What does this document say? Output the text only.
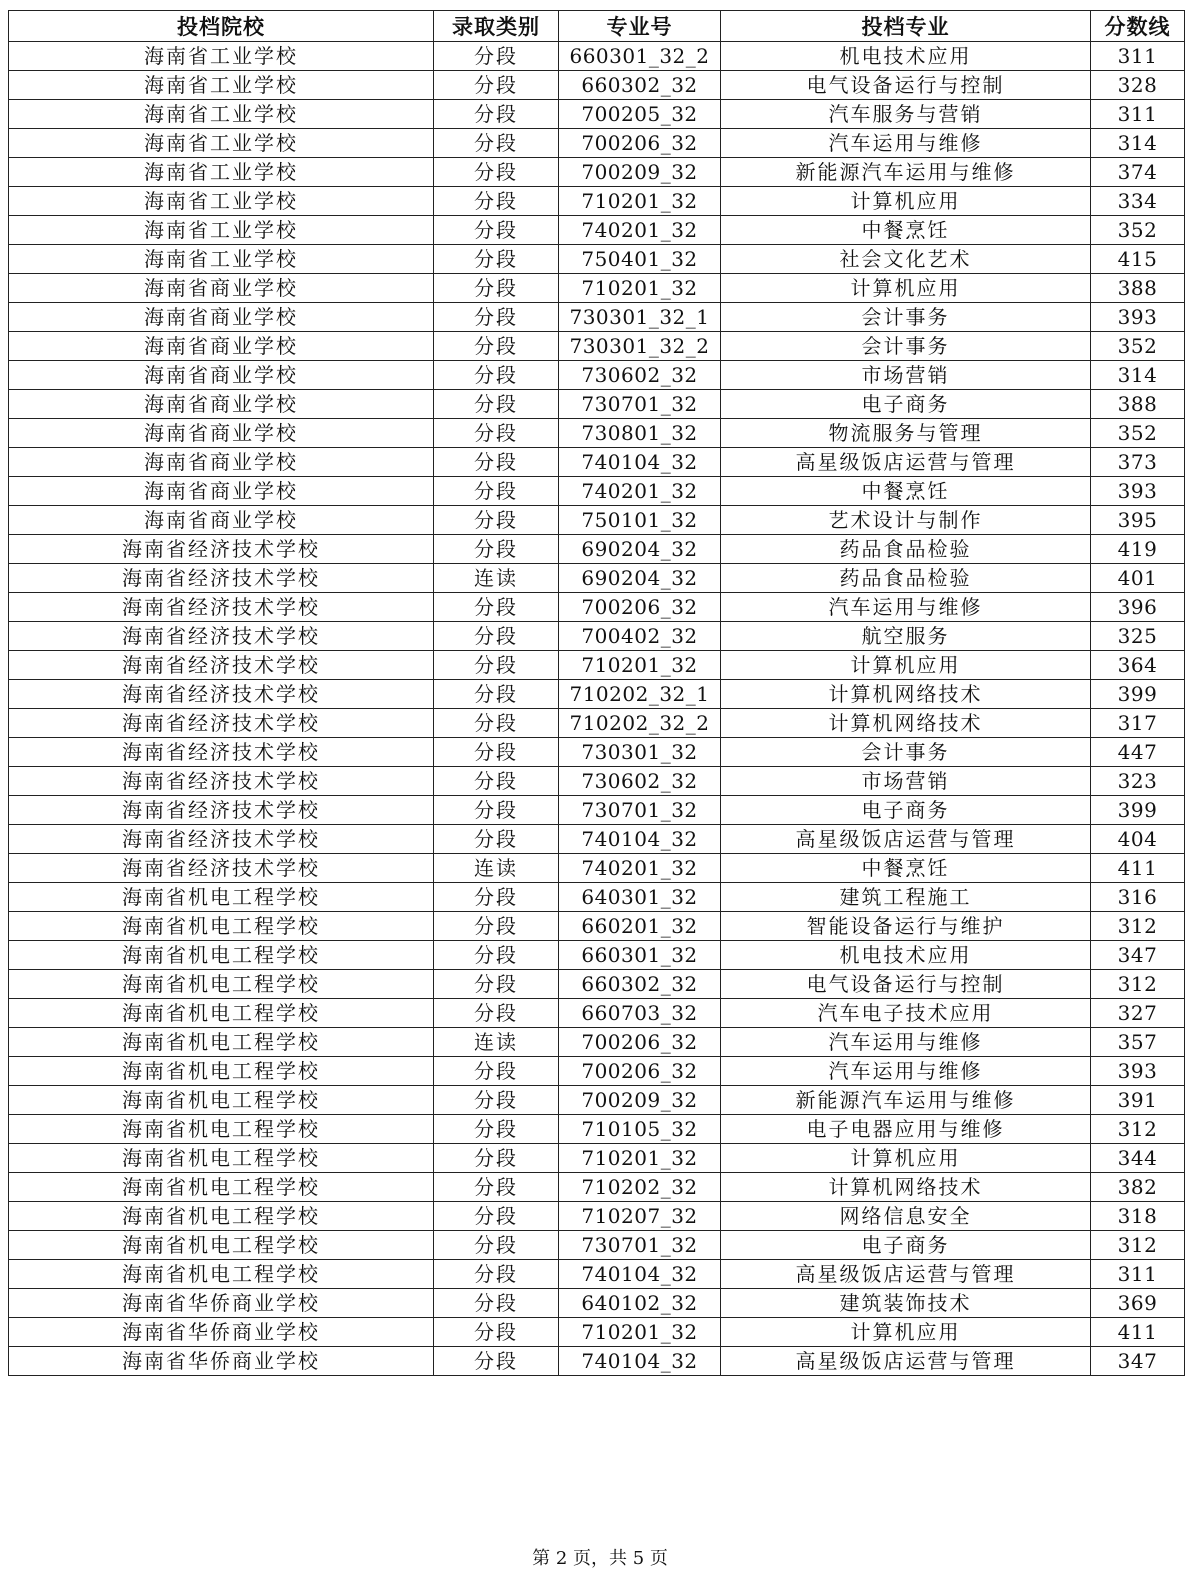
投档院校	录取类别	专业号	投档专业	分数线
海南省工业学校	分段	660301_32_2	机电技术应用	311
海南省工业学校	分段	660302_32	电气设备运行与控制	328
海南省工业学校	分段	700205_32	汽车服务与营销	311
海南省工业学校	分段	700206_32	汽车运用与维修	314
海南省工业学校	分段	700209_32	新能源汽车运用与维修	374
海南省工业学校	分段	710201_32	计算机应用	334
海南省工业学校	分段	740201_32	中餐烹饪	352
海南省工业学校	分段	750401_32	社会文化艺术	415
海南省商业学校	分段	710201_32	计算机应用	388
海南省商业学校	分段	730301_32_1	会计事务	393
海南省商业学校	分段	730301_32_2	会计事务	352
海南省商业学校	分段	730602_32	市场营销	314
海南省商业学校	分段	730701_32	电子商务	388
海南省商业学校	分段	730801_32	物流服务与管理	352
海南省商业学校	分段	740104_32	高星级饭店运营与管理	373
海南省商业学校	分段	740201_32	中餐烹饪	393
海南省商业学校	分段	750101_32	艺术设计与制作	395
海南省经济技术学校	分段	690204_32	药品食品检验	419
海南省经济技术学校	连读	690204_32	药品食品检验	401
海南省经济技术学校	分段	700206_32	汽车运用与维修	396
海南省经济技术学校	分段	700402_32	航空服务	325
海南省经济技术学校	分段	710201_32	计算机应用	364
海南省经济技术学校	分段	710202_32_1	计算机网络技术	399
海南省经济技术学校	分段	710202_32_2	计算机网络技术	317
海南省经济技术学校	分段	730301_32	会计事务	447
海南省经济技术学校	分段	730602_32	市场营销	323
海南省经济技术学校	分段	730701_32	电子商务	399
海南省经济技术学校	分段	740104_32	高星级饭店运营与管理	404
海南省经济技术学校	连读	740201_32	中餐烹饪	411
海南省机电工程学校	分段	640301_32	建筑工程施工	316
海南省机电工程学校	分段	660201_32	智能设备运行与维护	312
海南省机电工程学校	分段	660301_32	机电技术应用	347
海南省机电工程学校	分段	660302_32	电气设备运行与控制	312
海南省机电工程学校	分段	660703_32	汽车电子技术应用	327
海南省机电工程学校	连读	700206_32	汽车运用与维修	357
海南省机电工程学校	分段	700206_32	汽车运用与维修	393
海南省机电工程学校	分段	700209_32	新能源汽车运用与维修	391
海南省机电工程学校	分段	710105_32	电子电器应用与维修	312
海南省机电工程学校	分段	710201_32	计算机应用	344
海南省机电工程学校	分段	710202_32	计算机网络技术	382
海南省机电工程学校	分段	710207_32	网络信息安全	318
海南省机电工程学校	分段	730701_32	电子商务	312
海南省机电工程学校	分段	740104_32	高星级饭店运营与管理	311
海南省华侨商业学校	分段	640102_32	建筑装饰技术	369
海南省华侨商业学校	分段	710201_32	计算机应用	411
海南省华侨商业学校	分段	740104_32	高星级饭店运营与管理	347
第 2 页，共 5 页
